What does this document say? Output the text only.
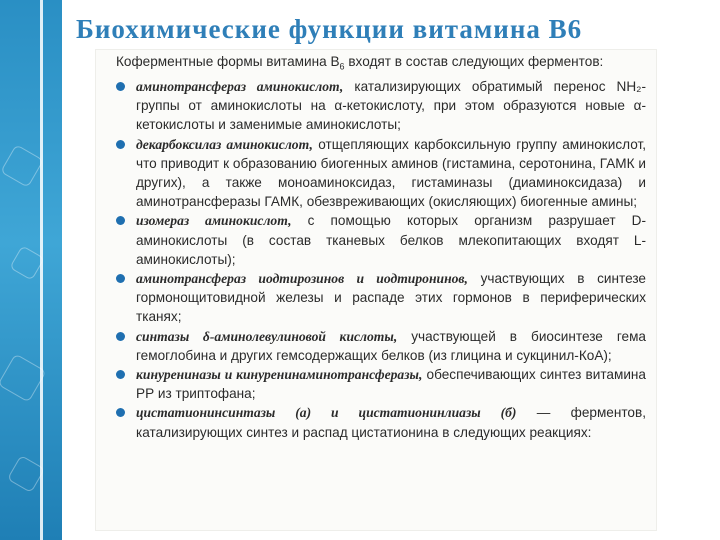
Биохимические функции витамина В6
Коферментные формы витамина $B_6$ входят в состав следующих ферментов:
аминотрансфераз аминокислот, катализирующих обратимый перенос NH₂-группы от аминокислоты на α-кетокислоту, при этом образуются новые α-кетокислоты и заменимые аминокислоты;
декарбоксилаз аминокислот, отщепляющих карбоксильную группу аминокислот, что приводит к образованию биогенных аминов (гистамина, серотонина, ГАМК и других), а также моноаминоксидаз, гистаминазы (диаминоксидаза) и аминотрансферазы ГАМК, обезвреживающих (окисляющих) биогенные амины;
изомераз аминокислот, с помощью которых организм разрушает D-аминокислоты (в состав тканевых белков млекопитающих входят L-аминокислоты);
аминотрансфераз иодтирозинов и иодтиронинов, участвующих в синтезе гормонощитовидной железы и распаде этих гормонов в периферических тканях;
синтазы δ-аминолевулиновой кислоты, участвующей в биосинтезе гема гемоглобина и других гемсодержащих белков (из глицина и сукцинил-КоА);
кинурениназы и кинуренинаминотрансферазы, обеспечивающих синтез витамина РР из триптофана;
цистатионинсинтазы (а) и цистатионинлиазы (б) — ферментов, катализирующих синтез и распад цистатионина в следующих реакциях:
